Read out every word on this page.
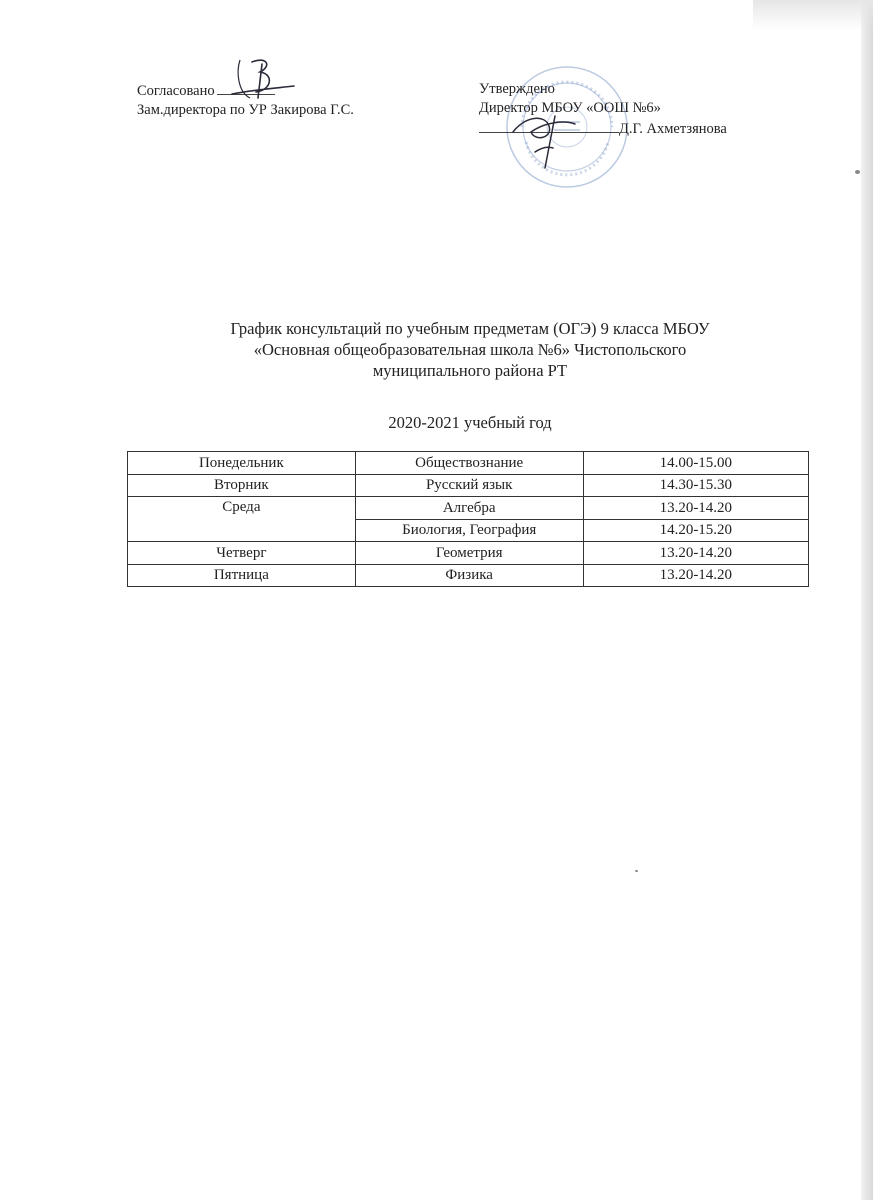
Согласовано
Зам.директора по УР Закирова Г.С.
Утверждено
Директор МБОУ «ООШ №6»
Д.Г. Ахметзянова
График консультаций по учебным предметам (ОГЭ) 9 класса МБОУ
«Основная общеобразовательная школа №6» Чистопольского
муниципального района РТ
2020-2021 учебный год
Понедельник	Обществознание	14.00-15.00
Вторник	Русский язык	14.30-15.30
Среда	Алгебра	13.20-14.20
	Биология, География	14.20-15.20
Четверг	Геометрия	13.20-14.20
Пятница	Физика	13.20-14.20
